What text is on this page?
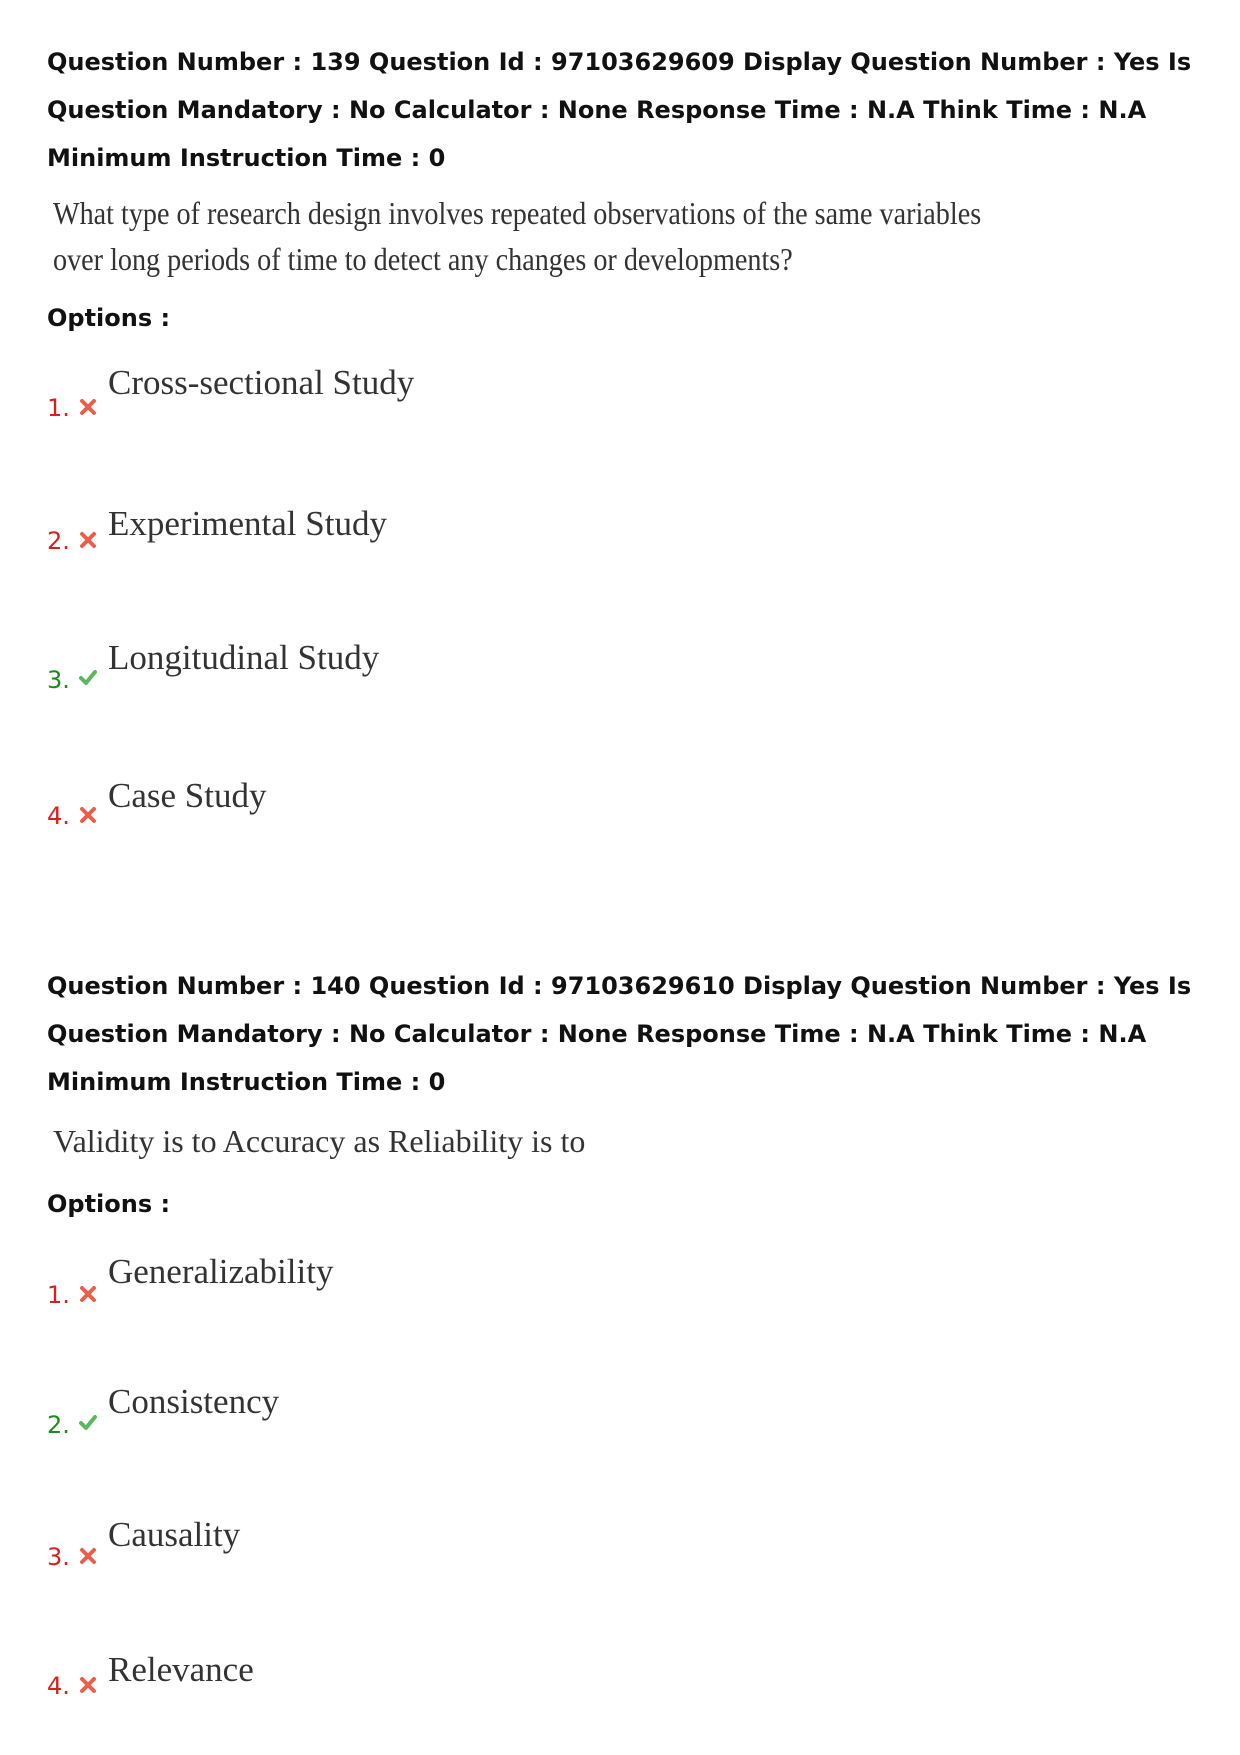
Question Number : 139 Question Id : 97103629609 Display Question Number : Yes Is Question Mandatory : No Calculator : None Response Time : N.A Think Time : N.A Minimum Instruction Time : 0
What type of research design involves repeated observations of the same variables
over long periods of time to detect any changes or developments?
Options :
1.
Cross-sectional Study
2. Experimental Study
3.
Longitudinal Study
4.
Case Study
Question Number : 140 Question Id : 97103629610 Display Question Number : Yes Is Question Mandatory : No Calculator : None Response Time : N.A Think Time : N.A Minimum Instruction Time : 0
Validity is to Accuracy as Reliability is to
Options :
1.
Generalizability
2.
Consistency
3.
Causality
4. Relevance
